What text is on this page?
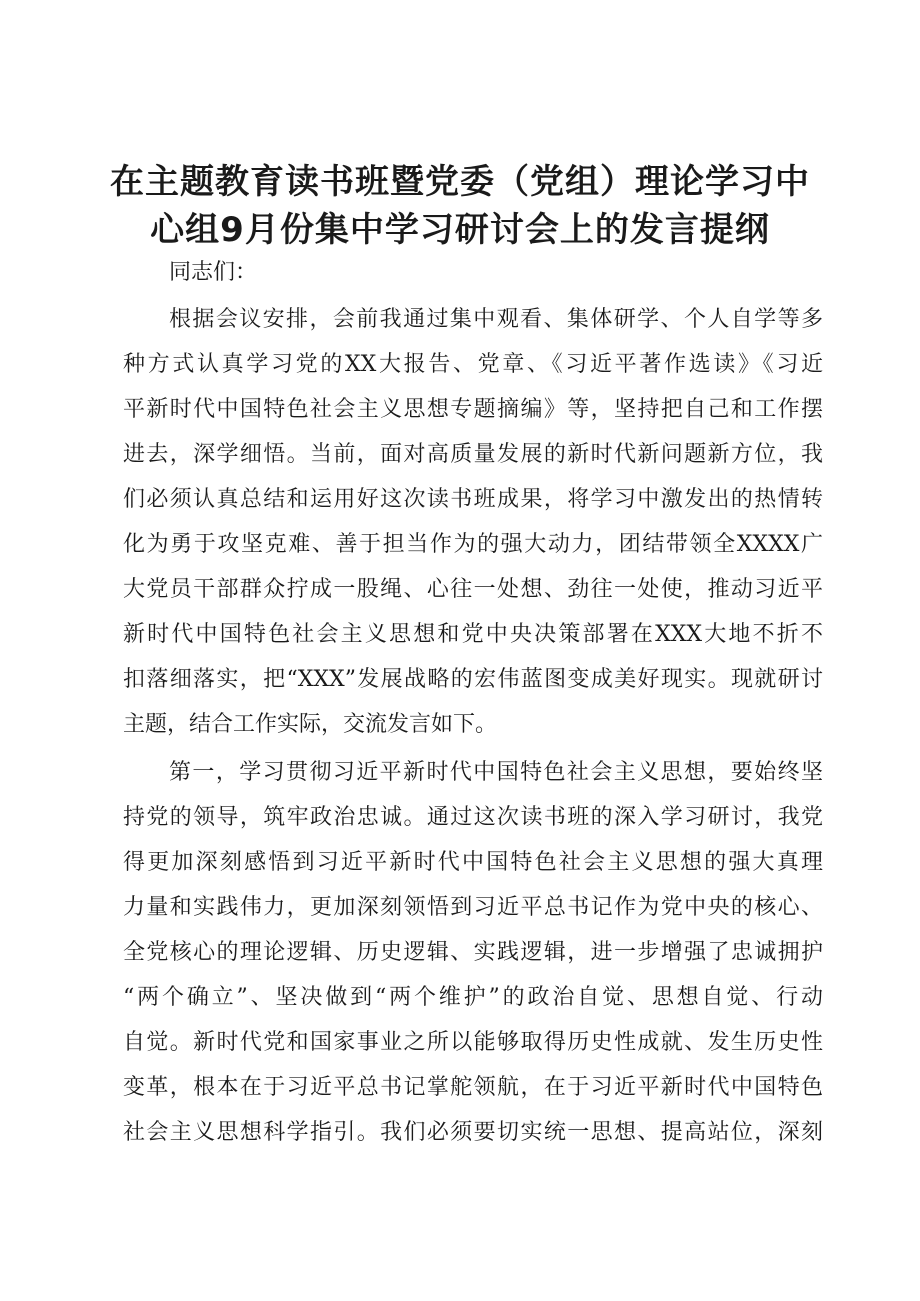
在主题教育读书班暨党委（党组）理论学习中
心组9月份集中学习研讨会上的发言提纲

同志们：

根据会议安排，会前我通过集中观看、集体研学、个人自学等多

种方式认真学习党的XX大报告、党章、《习近平著作选读》《习近

平新时代中国特色社会主义思想专题摘编》等，坚持把自己和工作摆

进去，深学细悟。当前，面对高质量发展的新时代新问题新方位，我

们必须认真总结和运用好这次读书班成果，将学习中激发出的热情转

化为勇于攻坚克难、善于担当作为的强大动力，团结带领全XXXX广

大党员干部群众拧成一股绳、心往一处想、劲往一处使，推动习近平

新时代中国特色社会主义思想和党中央决策部署在XXX大地不折不

扣落细落实，把“XXX”发展战略的宏伟蓝图变成美好现实。现就研讨

主题，结合工作实际，交流发言如下。

第一，学习贯彻习近平新时代中国特色社会主义思想，要始终坚

持党的领导，筑牢政治忠诚。通过这次读书班的深入学习研讨，我党

得更加深刻感悟到习近平新时代中国特色社会主义思想的强大真理

力量和实践伟力，更加深刻领悟到习近平总书记作为党中央的核心、

全党核心的理论逻辑、历史逻辑、实践逻辑，进一步增强了忠诚拥护

“两个确立”、坚决做到“两个维护”的政治自觉、思想自觉、行动

自觉。新时代党和国家事业之所以能够取得历史性成就、发生历史性

变革，根本在于习近平总书记掌舵领航，在于习近平新时代中国特色

社会主义思想科学指引。我们必须要切实统一思想、提高站位，深刻
